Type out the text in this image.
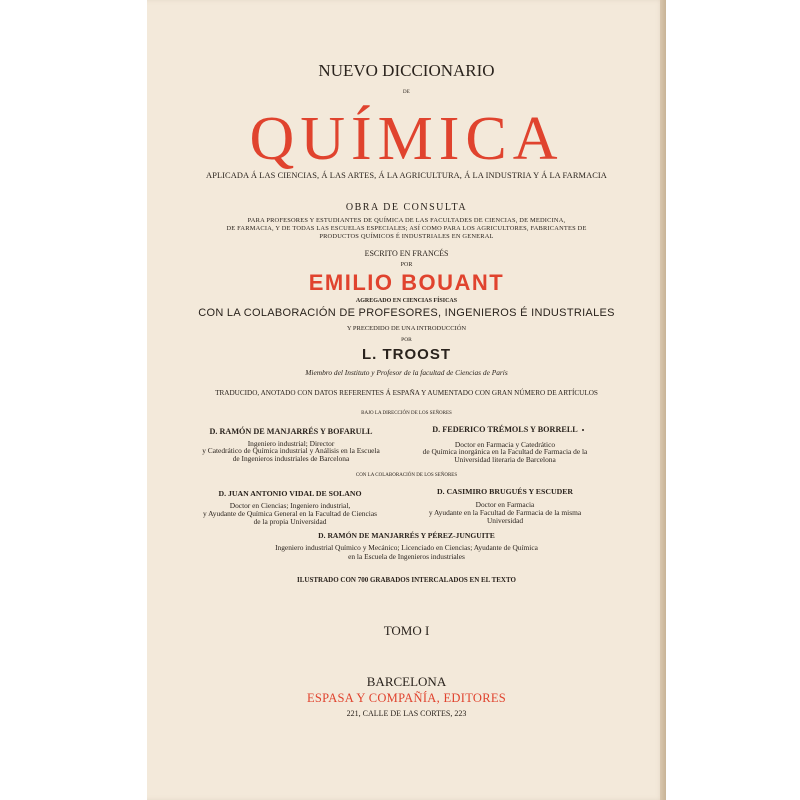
NUEVO DICCIONARIO
DE
QUÍMICA
APLICADA Á LAS CIENCIAS, Á LAS ARTES, Á LA AGRICULTURA, Á LA INDUSTRIA Y Á LA FARMACIA
OBRA DE CONSULTA
PARA PROFESORES Y ESTUDIANTES DE QUÍMICA DE LAS FACULTADES DE CIENCIAS, DE MEDICINA,
DE FARMACIA, Y DE TODAS LAS ESCUELAS ESPECIALES; ASÍ COMO PARA LOS AGRICULTORES, FABRICANTES DE
PRODUCTOS QUÍMICOS É INDUSTRIALES EN GENERAL
ESCRITO EN FRANCÉS
POR
EMILIO BOUANT
AGREGADO EN CIENCIAS FÍSICAS
CON LA COLABORACIÓN DE PROFESORES, INGENIEROS É INDUSTRIALES
Y PRECEDIDO DE UNA INTRODUCCIÓN
POR
L. TROOST
Miembro del Instituto y Profesor de la facultad de Ciencias de París
TRADUCIDO, ANOTADO CON DATOS REFERENTES Á ESPAÑA Y AUMENTADO CON GRAN NÚMERO DE ARTÍCULOS
BAJO LA DIRECCIÓN DE LOS SEÑORES
D. RAMÓN DE MANJARRÉS Y BOFARULL
Ingeniero industrial; Director
y Catedrático de Química industrial y Análisis en la Escuela
de Ingenieros industriales de Barcelona
D. FEDERICO TRÉMOLS Y BORRELL
Doctor en Farmacia y Catedrático
de Química inorgánica en la Facultad de Farmacia de la
Universidad literaria de Barcelona
CON LA COLABORACIÓN DE LOS SEÑORES
D. JUAN ANTONIO VIDAL DE SOLANO
Doctor en Ciencias; Ingeniero industrial,
y Ayudante de Química General en la Facultad de Ciencias
de la propia Universidad
D. CASIMIRO BRUGUÉS Y ESCUDER
Doctor en Farmacia
y Ayudante en la Facultad de Farmacia de la misma
Universidad
D. RAMÓN DE MANJARRÉS Y PÉREZ-JUNGUITE
Ingeniero industrial Químico y Mecánico; Licenciado en Ciencias; Ayudante de Química
en la Escuela de Ingenieros industriales
ILUSTRADO CON 700 GRABADOS INTERCALADOS EN EL TEXTO
TOMO I
BARCELONA
ESPASA Y COMPAÑÍA, EDITORES
221, CALLE DE LAS CORTES, 223
